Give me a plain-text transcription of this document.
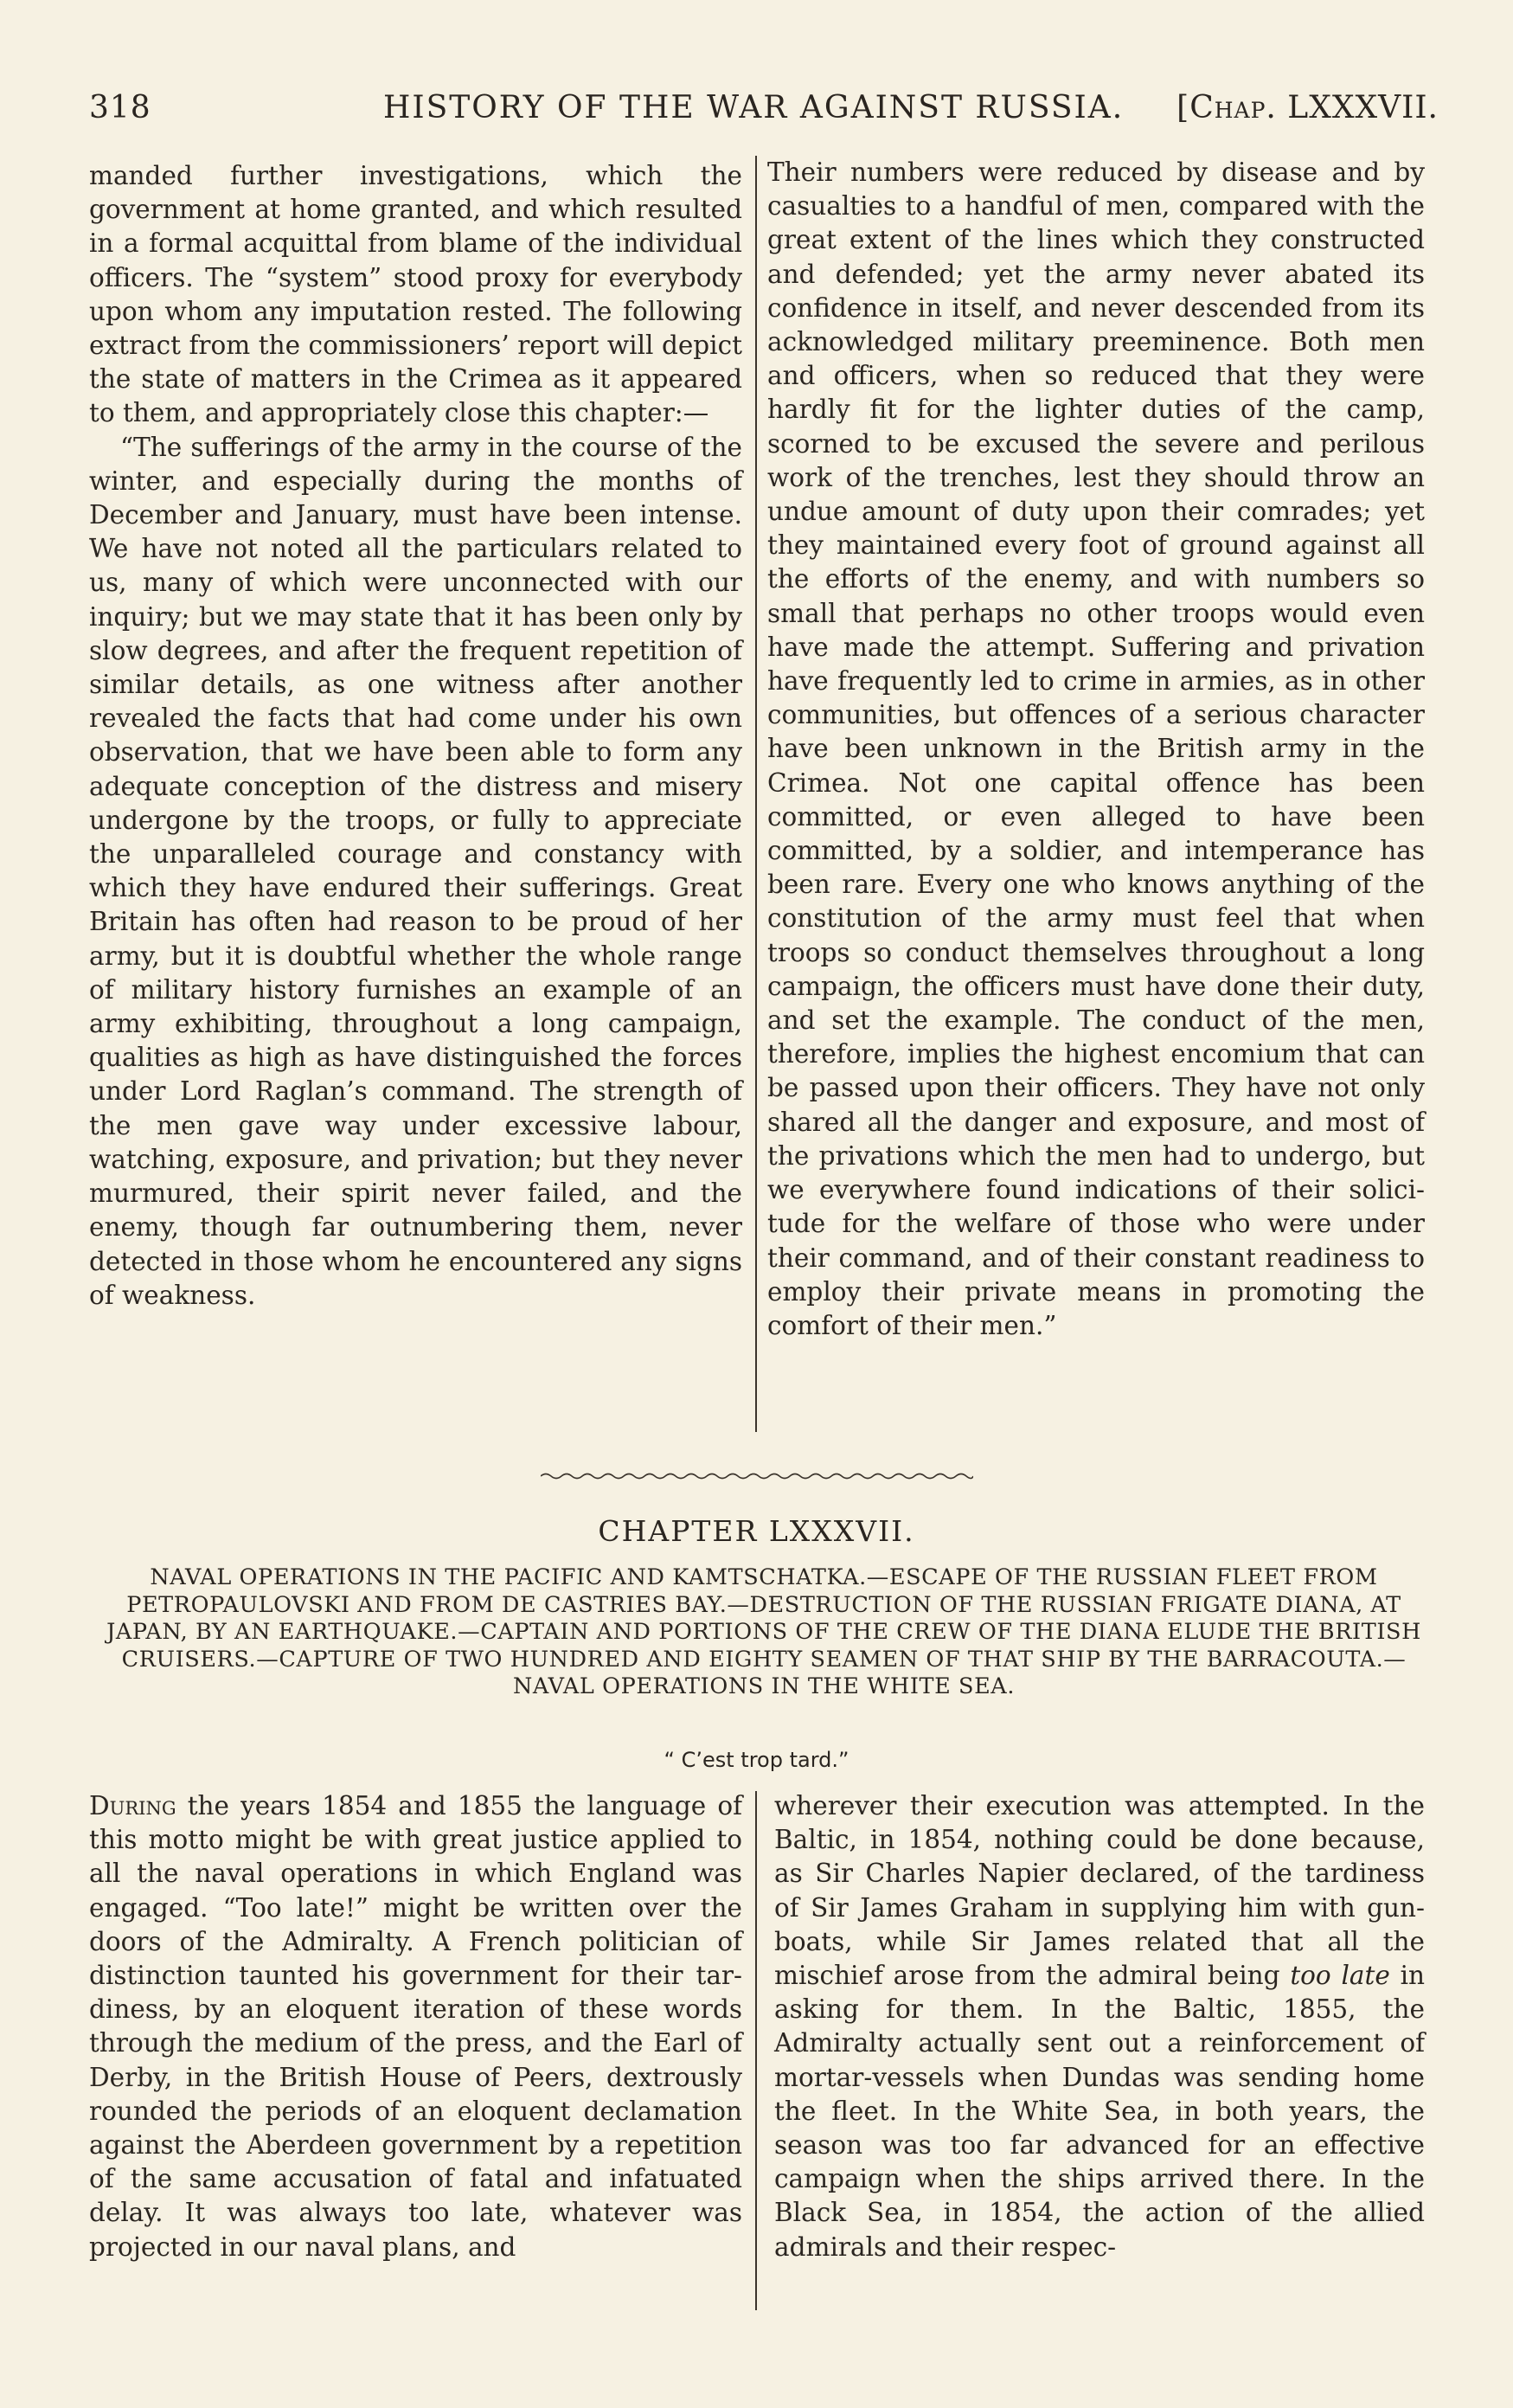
318	HISTORY OF THE WAR AGAINST RUSSIA. [Chap. LXXXVII.

manded further investigations, which the government at home granted, and which resulted in a formal acquittal from blame of the individual officers. The “system” stood proxy for everybody upon whom any imputation rested. The following extract from the commissioners’ report will depict the state of matters in the Crimea as it appeared to them, and appropriately close this chapter:—

“The sufferings of the army in the course of the winter, and especially during the months of December and January, must have been intense. We have not noted all the particulars related to us, many of which were unconnected with our inquiry; but we may state that it has been only by slow degrees, and after the frequent repetition of similar details, as one witness after another revealed the facts that had come under his own observation, that we have been able to form any adequate conception of the distress and misery undergone by the troops, or fully to appreciate the unparalleled courage and constancy with which they have endured their sufferings. Great Britain has often had reason to be proud of her army, but it is doubtful whether the whole range of military history furnishes an example of an army exhibiting, throughout a long campaign, qualities as high as have distinguished the forces under Lord Raglan’s command. The strength of the men gave way under excessive labour, watching, exposure, and privation; but they never murmured, their spirit never failed, and the enemy, though far outnumbering them, never detected in those whom he encountered any signs of weakness.

Their numbers were reduced by disease and by casualties to a handful of men, compared with the great extent of the lines which they constructed and defended; yet the army never abated its confidence in itself, and never descended from its acknowledged military preeminence. Both men and officers, when so reduced that they were hardly fit for the lighter duties of the camp, scorned to be excused the severe and perilous work of the trenches, lest they should throw an undue amount of duty upon their comrades; yet they maintained every foot of ground against all the efforts of the enemy, and with numbers so small that perhaps no other troops would even have made the attempt. Suffering and privation have frequently led to crime in armies, as in other communities, but offences of a serious character have been unknown in the British army in the Crimea. Not one capital offence has been committed, or even alleged to have been committed, by a soldier, and intemperance has been rare. Every one who knows anything of the constitution of the army must feel that when troops so conduct themselves throughout a long campaign, the officers must have done their duty, and set the example. The conduct of the men, therefore, implies the highest encomium that can be passed upon their officers. They have not only shared all the danger and exposure, and most of the privations which the men had to undergo, but we everywhere found indications of their solicitude for the welfare of those who were under their command, and of their constant readiness to employ their private means in promoting the comfort of their men.”

CHAPTER LXXXVII.
NAVAL OPERATIONS IN THE PACIFIC AND KAMTSCHATKA.—ESCAPE OF THE RUSSIAN FLEET FROM PETROPAULOVSKI AND FROM DE CASTRIES BAY.—DESTRUCTION OF THE RUSSIAN FRIGATE DIANA, AT JAPAN, BY AN EARTHQUAKE.—CAPTAIN AND PORTIONS OF THE CREW OF THE DIANA ELUDE THE BRITISH CRUISERS.—CAPTURE OF TWO HUNDRED AND EIGHTY SEAMEN OF THAT SHIP BY THE BARRACOUTA.—NAVAL OPERATIONS IN THE WHITE SEA.
“ C’est trop tard.”

During the years 1854 and 1855 the language of this motto might be with great justice applied to all the naval operations in which England was engaged. “Too late!” might be written over the doors of the Admiralty. A French politician of distinction taunted his government for their tardiness, by an eloquent iteration of these words through the medium of the press, and the Earl of Derby, in the British House of Peers, dextrously rounded the periods of an eloquent declamation against the Aberdeen government by a repetition of the same accusation of fatal and infatuated delay. It was always too late, whatever was projected in our naval plans, and

wherever their execution was attempted. In the Baltic, in 1854, nothing could be done because, as Sir Charles Napier declared, of the tardiness of Sir James Graham in supplying him with gun-boats, while Sir James related that all the mischief arose from the admiral being too late in asking for them. In the Baltic, 1855, the Admiralty actually sent out a reinforcement of mortar-vessels when Dundas was sending home the fleet. In the White Sea, in both years, the season was too far advanced for an effective campaign when the ships arrived there. In the Black Sea, in 1854, the action of the allied admirals and their respec-
